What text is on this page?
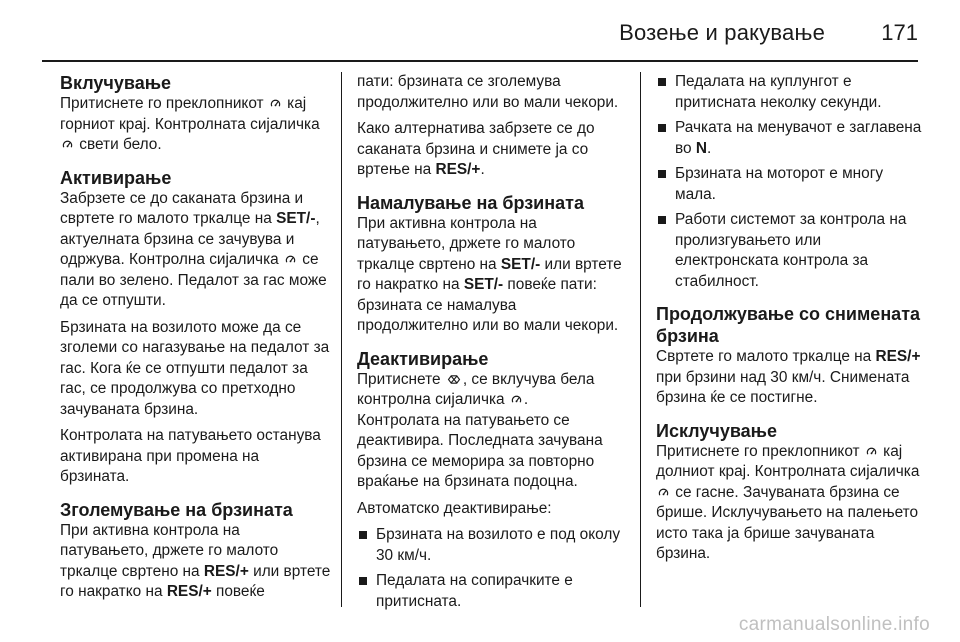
Возење и ракување	171

Вклучување

Притиснете го преклопникот
кај горниот крај. Контролната сијаличка
свети бело.

Активирање

Забрзете се до саканата брзина и свртете го малото тркалце на SET/-, актуелната брзина се зачувува и одржува. Контролна сијаличка
се пали во зелено. Педалот за гас може да се отпушти.

Брзината на возилото може да се зголеми со нагазување на педалот за гас. Кога ќе се отпушти педалот за гас, се продолжува со претходно зачуваната брзина.

Контролата на патувањето останува активирана при промена на брзината.

Зголемување на брзината

При активна контрола на патувањето, држете го малото тркалце свртено на RES/+ или вртете го накратко на RES/+ повеќе

пати: брзината се зголемува продолжително или во мали чекори.

Како алтернатива забрзете се до саканата брзина и снимете ја со вртење на RES/+.

Намалување на брзината

При активна контрола на патувањето, држете го малото тркалце свртено на SET/- или вртете го накратко на SET/- повеќе пати: брзината се намалува продолжително или во мали чекори.

Деактивирање

Притиснете
, се вклучува бела контролна сијаличка
.

Контролата на патувањето се деактивира. Последната зачувана брзина се меморира за повторно враќање на брзината подоцна.

Автоматско деактивирање:

Брзината на возилото е под околу 30 км/ч.
Педалата на сопирачките е притисната.
Педалата на куплунгот е притисната неколку секунди.
Рачката на менувачот е заглавена во N.
Брзината на моторот е многу мала.
Работи системот за контрола на пролизгувањето или електронската контрола за стабилност.

Продолжување со снимената брзина

Свртете го малото тркалце на RES/+ при брзини над 30 км/ч. Снимената брзина ќе се постигне.

Исклучување

Притиснете го преклопникот
кај долниот крај. Контролната сијаличка
се гасне. Зачуваната брзина се брише. Исклучувањето на палењето исто така ја брише зачуваната брзина.

carmanualsonline.info
